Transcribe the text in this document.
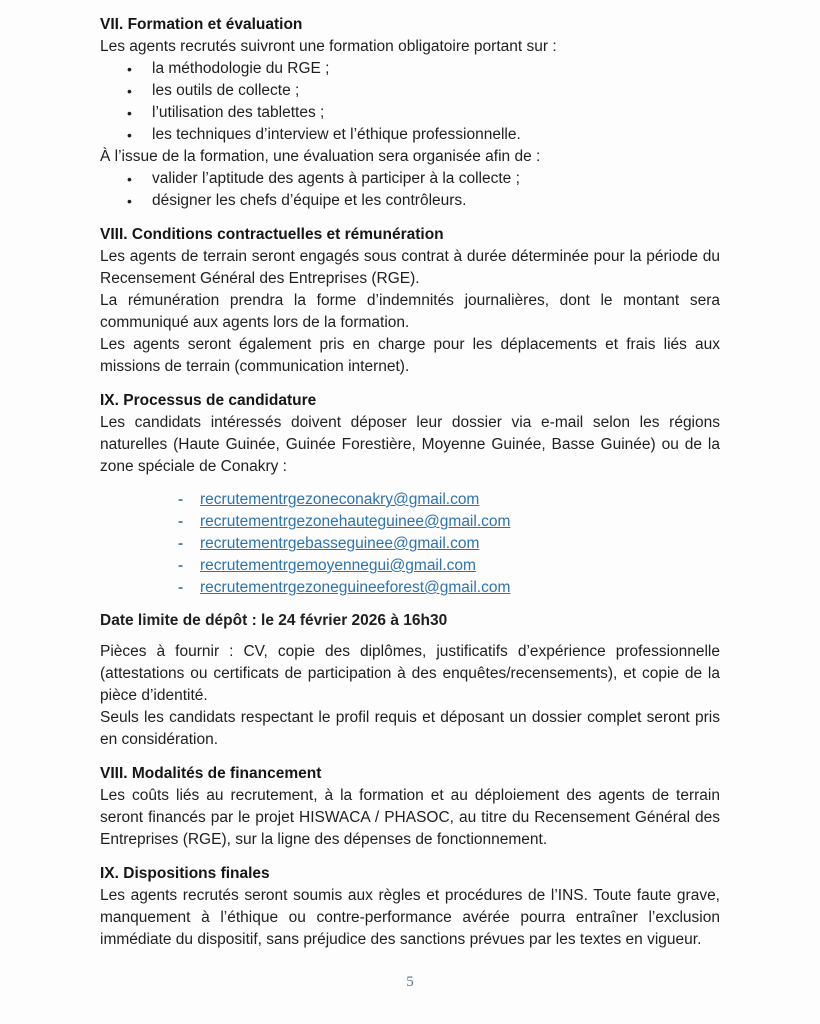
VII. Formation et évaluation

Les agents recrutés suivront une formation obligatoire portant sur :

• la méthodologie du RGE ;
• les outils de collecte ;
• l’utilisation des tablettes ;
• les techniques d’interview et l’éthique professionnelle.

À l’issue de la formation, une évaluation sera organisée afin de :

• valider l’aptitude des agents à participer à la collecte ;
• désigner les chefs d’équipe et les contrôleurs.
VIII. Conditions contractuelles et rémunération

Les agents de terrain seront engagés sous contrat à durée déterminée pour la période du Recensement Général des Entreprises (RGE).

La rémunération prendra la forme d’indemnités journalières, dont le montant sera communiqué aux agents lors de la formation.

Les agents seront également pris en charge pour les déplacements et frais liés aux missions de terrain (communication internet).

IX. Processus de candidature

Les candidats intéressés doivent déposer leur dossier via e-mail selon les régions naturelles (Haute Guinée, Guinée Forestière, Moyenne Guinée, Basse Guinée) ou de la zone spéciale de Conakry :

- recrutementrgezoneconakry@gmail.com
- recrutementrgezonehauteguinee@gmail.com
- recrutementrgebasseguinee@gmail.com
- recrutementrgemoyennegui@gmail.com
- recrutementrgezoneguineeforest@gmail.com

Date limite de dépôt : le 24 février 2026 à 16h30

Pièces à fournir : CV, copie des diplômes, justificatifs d’expérience professionnelle (attestations ou certificats de participation à des enquêtes/recensements), et copie de la pièce d’identité.

Seuls les candidats respectant le profil requis et déposant un dossier complet seront pris en considération.

VIII. Modalités de financement

Les coûts liés au recrutement, à la formation et au déploiement des agents de terrain seront financés par le projet HISWACA / PHASOC, au titre du Recensement Général des Entreprises (RGE), sur la ligne des dépenses de fonctionnement.

IX. Dispositions finales

Les agents recrutés seront soumis aux règles et procédures de l’INS. Toute faute grave, manquement à l’éthique ou contre-performance avérée pourra entraîner l’exclusion immédiate du dispositif, sans préjudice des sanctions prévues par les textes en vigueur.

5
